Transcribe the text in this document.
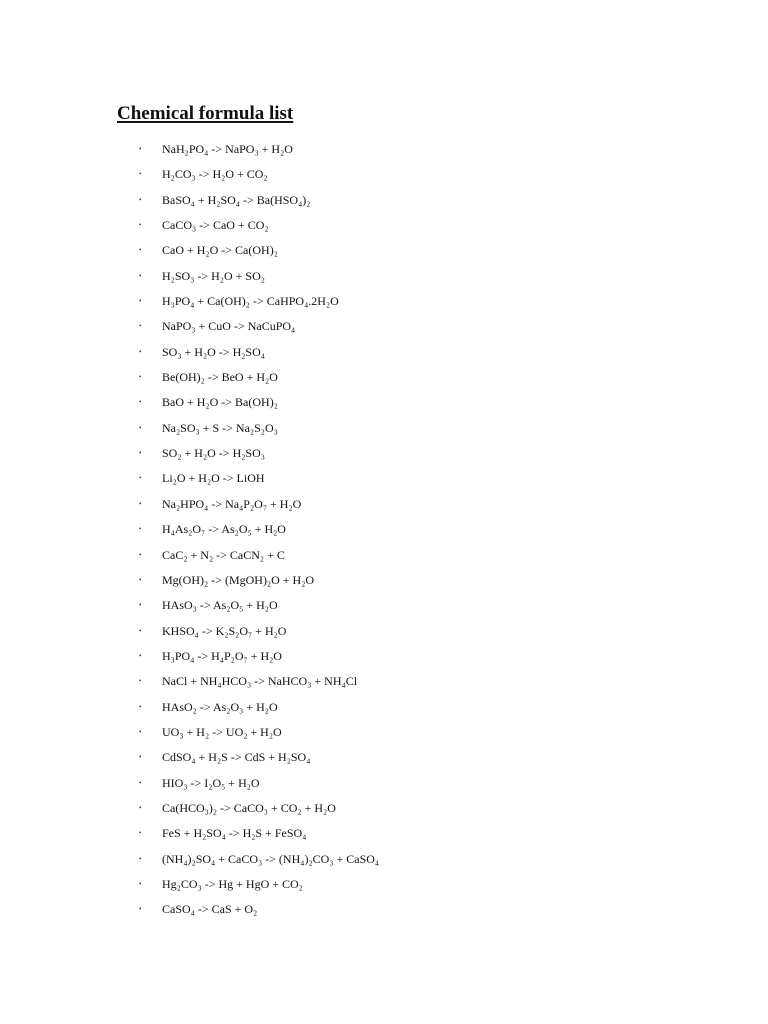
Chemical formula list
• NaH₂PO₄ -> NaPO₃ + H₂O
• H₂CO₃ -> H₂O + CO₂
• BaSO₄ + H₂SO₄ -> Ba(HSO₄)₂
• CaCO₃ -> CaO + CO₂
• CaO + H₂O -> Ca(OH)₂
• H₂SO₃ -> H₂O + SO₂
• H₃PO₄ + Ca(OH)₂ -> CaHPO₄.2H₂O
• NaPO₃ + CuO -> NaCuPO₄
• SO₃ + H₂O -> H₂SO₄
• Be(OH)₂ -> BeO + H₂O
• BaO + H₂O -> Ba(OH)₂
• Na₂SO₃ + S -> Na₂S₂O₃
• SO₂ + H₂O -> H₂SO₃
• Li₂O + H₂O -> LiOH
• Na₂HPO₄ -> Na₄P₂O₇ + H₂O
• H₄As₂O₇ -> As₂O₅ + H₂O
• CaC₂ + N₂ -> CaCN₂ + C
• Mg(OH)₂ -> (MgOH)₂O + H₂O
• HAsO₃ -> As₂O₅ + H₂O
• KHSO₄ -> K₂S₂O₇ + H₂O
• H₃PO₄ -> H₄P₂O₇ + H₂O
• NaCl + NH₄HCO₃ -> NaHCO₃ + NH₄Cl
• HAsO₂ -> As₂O₃ + H₂O
• UO₃ + H₂ -> UO₂ + H₂O
• CdSO₄ + H₂S -> CdS + H₂SO₄
• HIO₃ -> I₂O₅ + H₂O
• Ca(HCO₃)₂ -> CaCO₃ + CO₂ + H₂O
• FeS + H₂SO₄ -> H₂S + FeSO₄
• (NH₄)₂SO₄ + CaCO₃ -> (NH₄)₂CO₃ + CaSO₄
• Hg₂CO₃ -> Hg + HgO + CO₂
• CaSO₄ -> CaS + O₂
